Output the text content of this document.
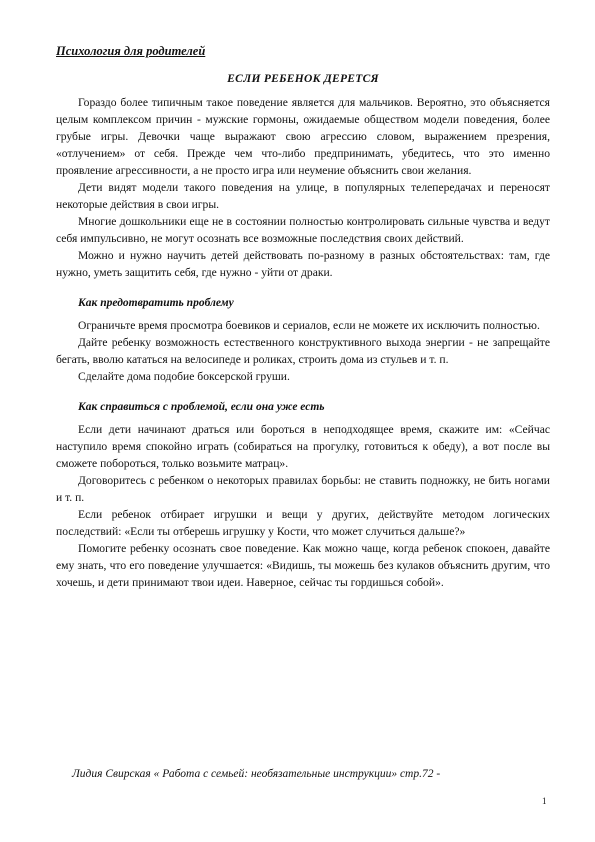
Психология для родителей
ЕСЛИ РЕБЕНОК ДЕРЕТСЯ

Гораздо более типичным такое поведение является для мальчиков. Вероятно, это объясняется целым комплексом причин - мужские гормоны, ожидаемые обществом модели поведения, более грубые игры. Девочки чаще выражают свою агрессию словом, выражением презрения, «отлучением» от себя. Прежде чем что-либо предпринимать, убедитесь, что это именно проявление агрессивности, а не просто игра или неумение объяснить свои желания.

Дети видят модели такого поведения на улице, в популярных телепередачах и переносят некоторые действия в свои игры.

Многие дошкольники еще не в состоянии полностью контролировать сильные чувства и ведут себя импульсивно, не могут осознать все возможные последствия своих действий.

Можно и нужно научить детей действовать по-разному в разных обстоятельствах: там, где нужно, уметь защитить себя, где нужно - уйти от драки.

Как предотвратить проблему

Ограничьте время просмотра боевиков и сериалов, если не можете их исключить полностью.

Дайте ребенку возможность естественного конструктивного выхода энергии - не запрещайте бегать, вволю кататься на велосипеде и роликах, строить дома из стульев и т. п.

Сделайте дома подобие боксерской груши.

Как справиться с проблемой, если она уже есть

Если дети начинают драться или бороться в неподходящее время, скажите им: «Сейчас наступило время спокойно играть (собираться на прогулку, готовиться к обеду), а вот после вы сможете побороться, только возьмите матрац».

Договоритесь с ребенком о некоторых правилах борьбы: не ставить подножку, не бить ногами и т. п.

Если ребенок отбирает игрушки и вещи у других, действуйте методом логических последствий: «Если ты отберешь игрушку у Кости, что может случиться дальше?»

Помогите ребенку осознать свое поведение. Как можно чаще, когда ребенок спокоен, давайте ему знать, что его поведение улучшается: «Видишь, ты можешь без кулаков объяснить другим, что хочешь, и дети принимают твои идеи. Наверное, сейчас ты гордишься собой».

Лидия Свирская « Работа с семьей: необязательные инструкции» стр.72 -
1
